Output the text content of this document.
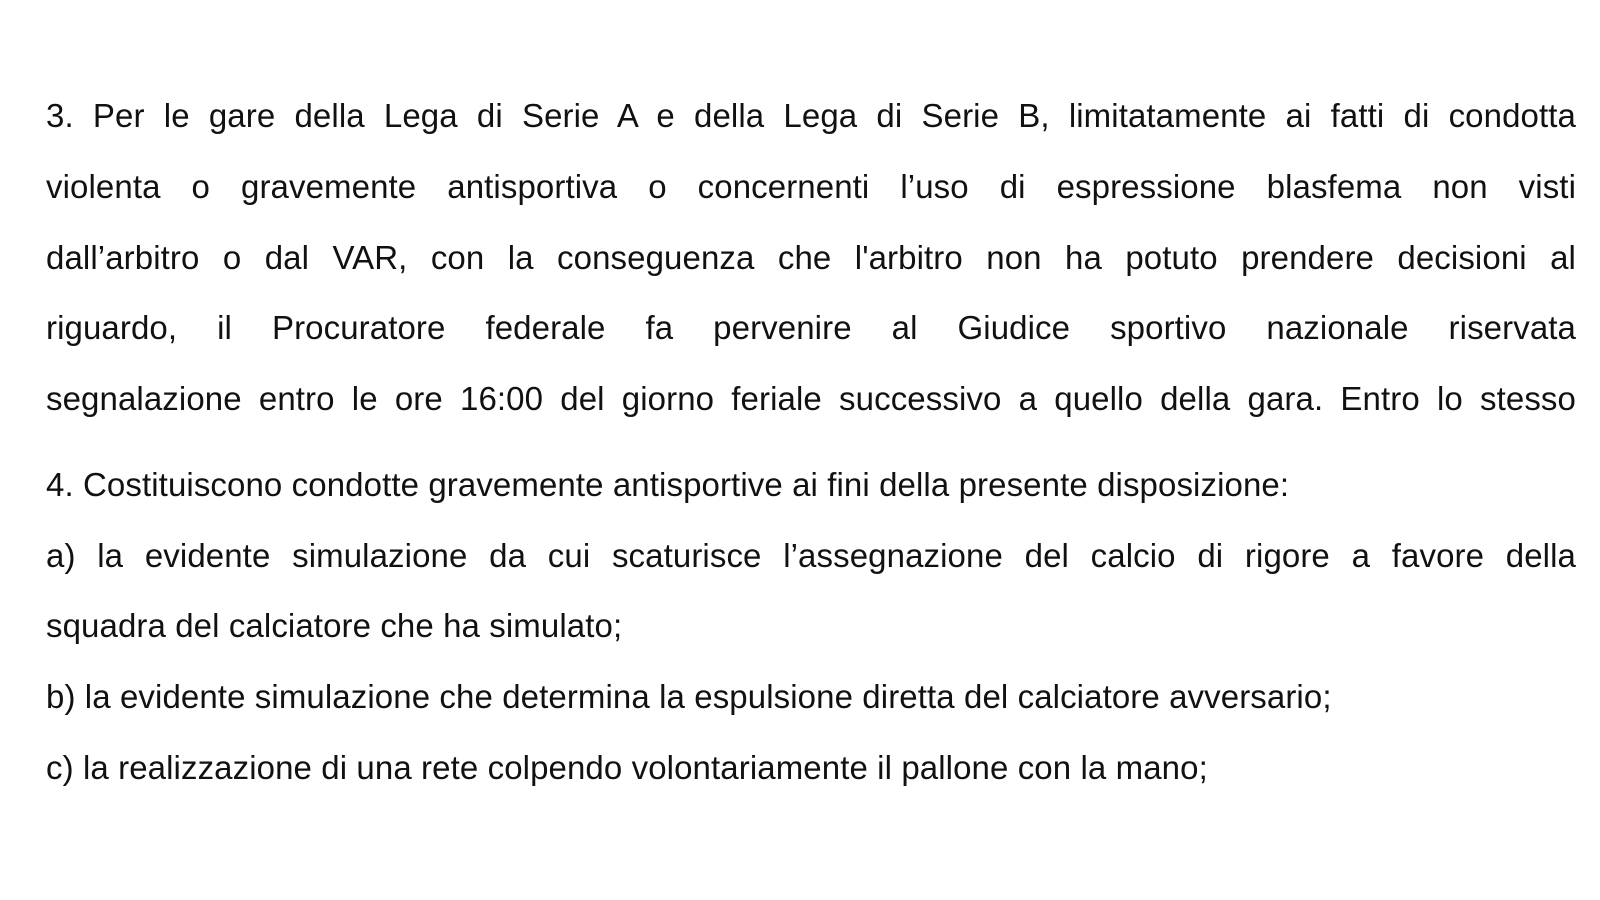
3. Per le gare della Lega di Serie A e della Lega di Serie B, limitatamente ai fatti di condotta
violenta o gravemente antisportiva o concernenti l’uso di espressione blasfema non visti
dall’arbitro o dal VAR, con la conseguenza che l'arbitro non ha potuto prendere decisioni al
riguardo, il Procuratore federale fa pervenire al Giudice sportivo nazionale riservata
segnalazione entro le ore 16:00 del giorno feriale successivo a quello della gara. Entro lo stesso
4. Costituiscono condotte gravemente antisportive ai fini della presente disposizione:
a) la evidente simulazione da cui scaturisce l’assegnazione del calcio di rigore a favore della
squadra del calciatore che ha simulato;
b) la evidente simulazione che determina la espulsione diretta del calciatore avversario;
c) la realizzazione di una rete colpendo volontariamente il pallone con la mano;
